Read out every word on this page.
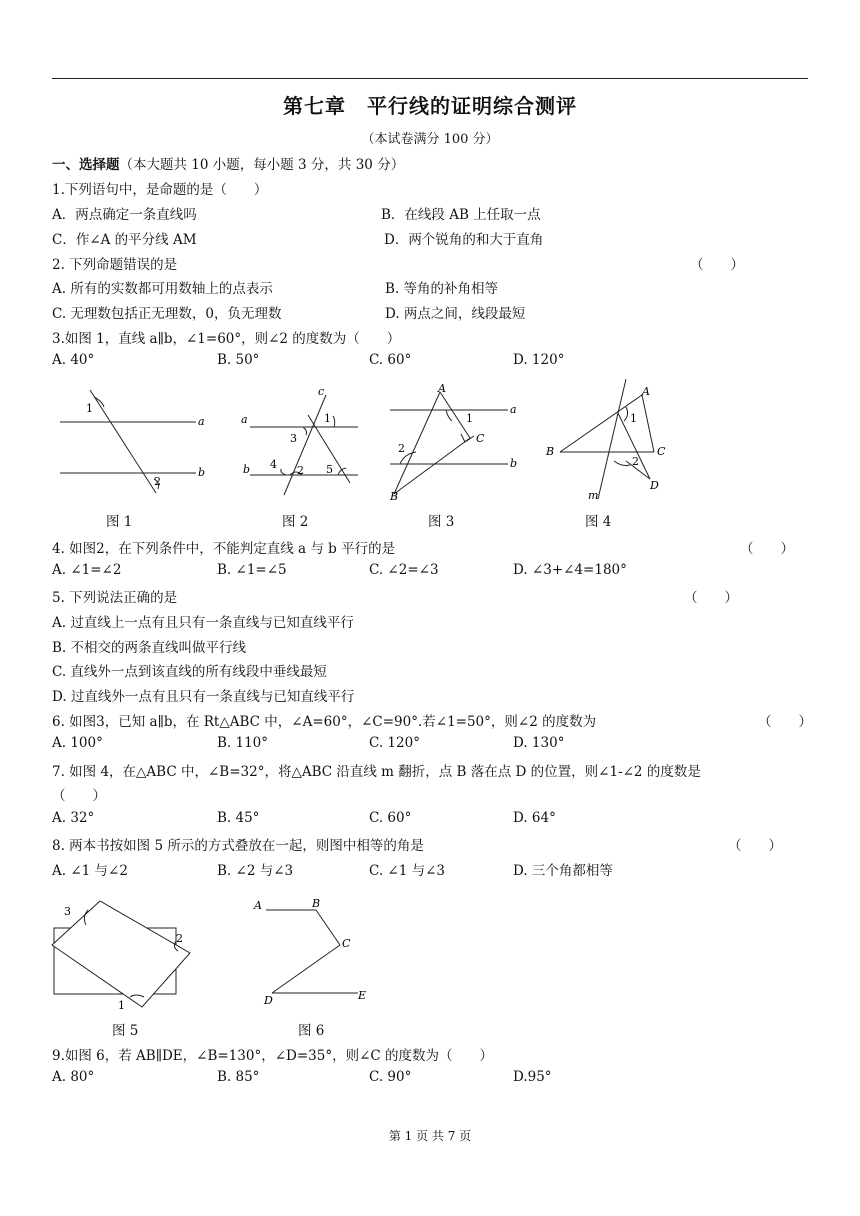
第七章　平行线的证明综合测评
（本试卷满分 100 分）
一、选择题（本大题共 10 小题，每小题 3 分，共 30 分）
1.下列语句中，是命题的是（　　）
A．两点确定一条直线吗	B．在线段 AB 上任取一点
C．作∠A 的平分线 AM	D．两个锐角的和大于直角
2. 下列命题错误的是	（　　）
A. 所有的实数都可用数轴上的点表示	B. 等角的补角相等
C. 无理数包括正无理数，0，负无理数	D. 两点之间，线段最短
3.如图 1，直线 a∥b，∠1=60°，则∠2 的度数为（　　）
A. 40°	B. 50°	C. 60°	D. 120°
1
2
a
b
图 1
c
1
3
4 2 5
a
b
图 2
A
1
C
2
B
a
b
图 3
A
1
B	C
2
D
m
图 4
4. 如图2，在下列条件中，不能判定直线 a 与 b 平行的是	（　　）
A. ∠1=∠2	B. ∠1=∠5	C. ∠2=∠3	D. ∠3+∠4=180°
5. 下列说法正确的是	（　　）
A. 过直线上一点有且只有一条直线与已知直线平行
B. 不相交的两条直线叫做平行线
C. 直线外一点到该直线的所有线段中垂线最短
D. 过直线外一点有且只有一条直线与已知直线平行
6. 如图3，已知 a∥b，在 Rt△ABC 中，∠A=60°，∠C=90°.若∠1=50°，则∠2 的度数为	（　　）
A. 100°	B. 110°	C. 120°	D. 130°
7. 如图 4，在△ABC 中，∠B=32°，将△ABC 沿直线 m 翻折，点 B 落在点 D 的位置，则∠1-∠2 的度数是
（　　）
A. 32°	B. 45°	C. 60°	D. 64°
8. 两本书按如图 5 所示的方式叠放在一起，则图中相等的角是	（　　）
A. ∠1 与∠2	B. ∠2 与∠3	C. ∠1 与∠3	D. 三个角都相等
3
2
1
图 5
A	B
C
D	E
图 6
9.如图 6，若 AB∥DE，∠B=130°，∠D=35°，则∠C 的度数为（　　）
A. 80°	B. 85°	C. 90°	D.95°
第 1 页 共 7 页
